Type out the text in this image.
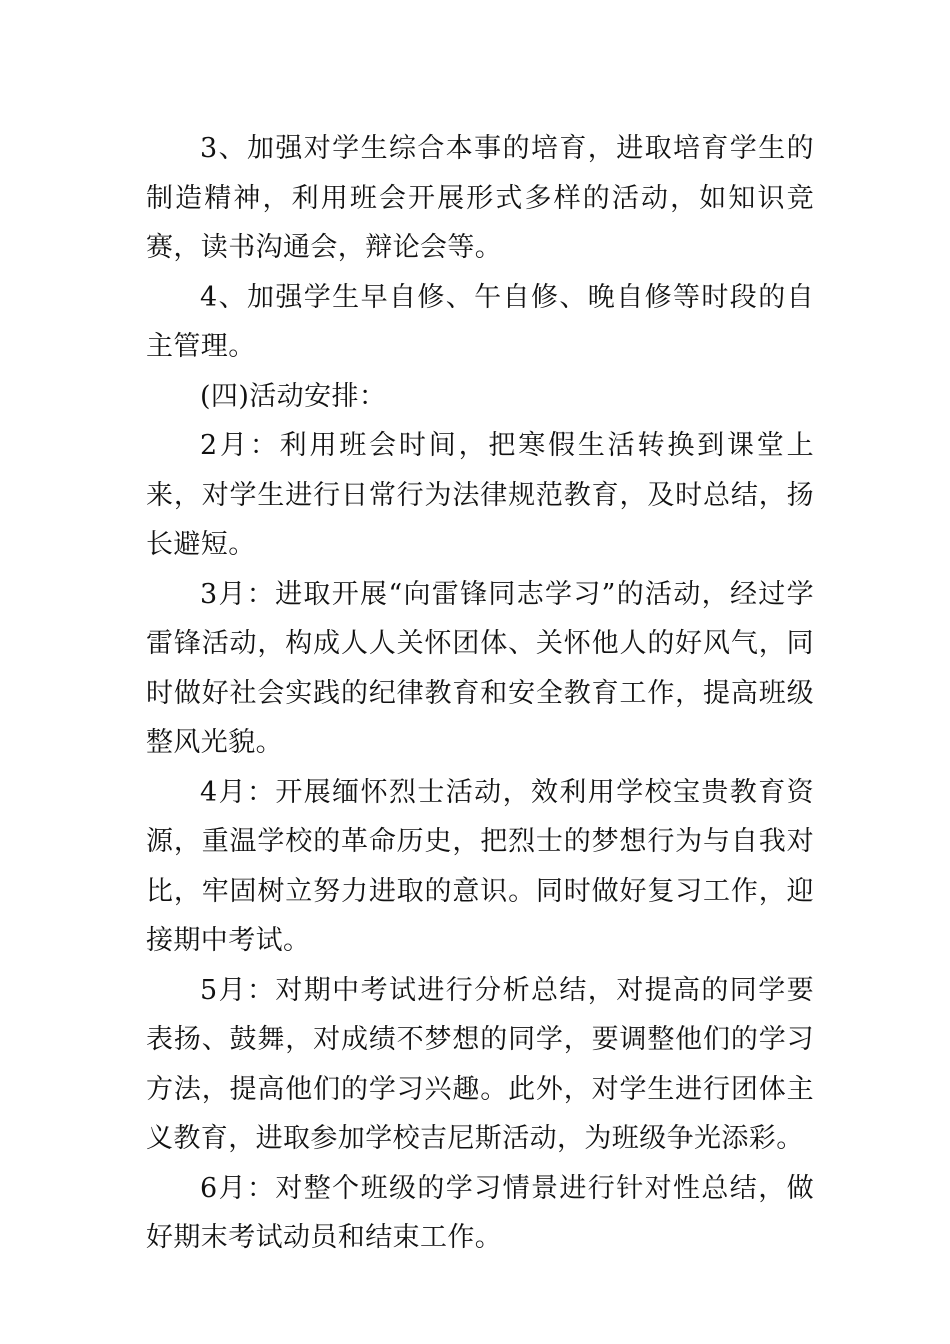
3、加强对学生综合本事的培育，进取培育学生的制造精神，利用班会开展形式多样的活动，如知识竞赛，读书沟通会，辩论会等。

4、加强学生早自修、午自修、晚自修等时段的自主管理。

(四)活动安排：

2月：利用班会时间，把寒假生活转换到课堂上来，对学生进行日常行为法律规范教育，及时总结，扬长避短。

3月：进取开展“向雷锋同志学习”的活动，经过学雷锋活动，构成人人关怀团体、关怀他人的好风气，同时做好社会实践的纪律教育和安全教育工作，提高班级整风光貌。

4月：开展缅怀烈士活动，效利用学校宝贵教育资源，重温学校的革命历史，把烈士的梦想行为与自我对比，牢固树立努力进取的意识。同时做好复习工作，迎接期中考试。

5月：对期中考试进行分析总结，对提高的同学要表扬、鼓舞，对成绩不梦想的同学，要调整他们的学习方法，提高他们的学习兴趣。此外，对学生进行团体主义教育，进取参加学校吉尼斯活动，为班级争光添彩。

6月：对整个班级的学习情景进行针对性总结，做好期末考试动员和结束工作。
